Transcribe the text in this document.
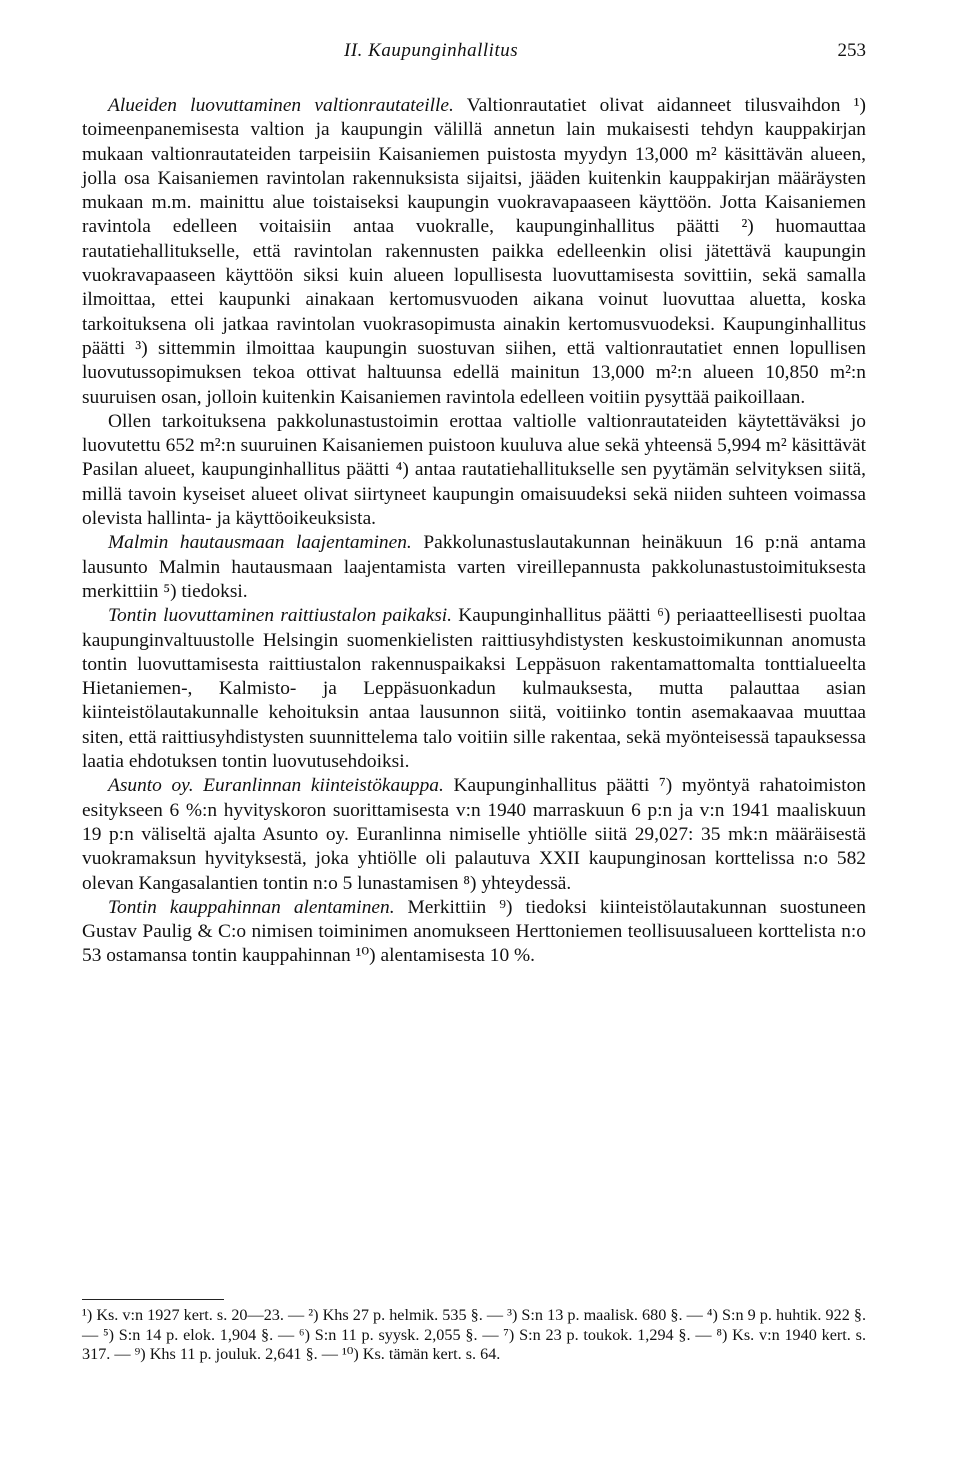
II. Kaupunginhallitus	253

Alueiden luovuttaminen valtionrautateille. Valtionrautatiet olivat aidanneet tilusvaihdon ¹) toimeenpanemisesta valtion ja kaupungin välillä annetun lain mukaisesti tehdyn kauppakirjan mukaan valtionrautateiden tarpeisiin Kaisaniemen puistosta myydyn 13,000 m² käsittävän alueen, jolla osa Kaisaniemen ravintolan rakennuksista sijaitsi, jääden kuitenkin kauppakirjan määräysten mukaan m.m. mainittu alue toistaiseksi kaupungin vuokravapaaseen käyttöön. Jotta Kaisaniemen ravintola edelleen voitaisiin antaa vuokralle, kaupunginhallitus päätti ²) huomauttaa rautatiehallitukselle, että ravintolan rakennusten paikka edelleenkin olisi jätettävä kaupungin vuokravapaaseen käyttöön siksi kuin alueen lopullisesta luovuttamisesta sovittiin, sekä samalla ilmoittaa, ettei kaupunki ainakaan kertomusvuoden aikana voinut luovuttaa aluetta, koska tarkoituksena oli jatkaa ravintolan vuokrasopimusta ainakin kertomusvuodeksi. Kaupunginhallitus päätti ³) sittemmin ilmoittaa kaupungin suostuvan siihen, että valtionrautatiet ennen lopullisen luovutussopimuksen tekoa ottivat haltuunsa edellä mainitun 13,000 m²:n alueen 10,850 m²:n suuruisen osan, jolloin kuitenkin Kaisaniemen ravintola edelleen voitiin pysyttää paikoillaan.

Ollen tarkoituksena pakkolunastustoimin erottaa valtiolle valtionrautateiden käytettäväksi jo luovutettu 652 m²:n suuruinen Kaisaniemen puistoon kuuluva alue sekä yhteensä 5,994 m² käsittävät Pasilan alueet, kaupunginhallitus päätti ⁴) antaa rautatiehallitukselle sen pyytämän selvityksen siitä, millä tavoin kyseiset alueet olivat siirtyneet kaupungin omaisuudeksi sekä niiden suhteen voimassa olevista hallinta- ja käyttöoikeuksista.

Malmin hautausmaan laajentaminen. Pakkolunastuslautakunnan heinäkuun 16 p:nä antama lausunto Malmin hautausmaan laajentamista varten vireillepannusta pakkolunastustoimituksesta merkittiin ⁵) tiedoksi.

Tontin luovuttaminen raittiustalon paikaksi. Kaupunginhallitus päätti ⁶) periaatteellisesti puoltaa kaupunginvaltuustolle Helsingin suomenkielisten raittiusyhdistysten keskustoimikunnan anomusta tontin luovuttamisesta raittiustalon rakennuspaikaksi Leppäsuon rakentamattomalta tonttialueelta Hietaniemen-, Kalmisto- ja Leppäsuonkadun kulmauksesta, mutta palauttaa asian kiinteistölautakunnalle kehoituksin antaa lausunnon siitä, voitiinko tontin asemakaavaa muuttaa siten, että raittiusyhdistysten suunnittelema talo voitiin sille rakentaa, sekä myönteisessä tapauksessa laatia ehdotuksen tontin luovutusehdoiksi.

Asunto oy. Euranlinnan kiinteistökauppa. Kaupunginhallitus päätti ⁷) myöntyä rahatoimiston esitykseen 6 %:n hyvityskoron suorittamisesta v:n 1940 marraskuun 6 p:n ja v:n 1941 maaliskuun 19 p:n väliseltä ajalta Asunto oy. Euranlinna nimiselle yhtiölle siitä 29,027: 35 mk:n määräisestä vuokramaksun hyvityksestä, joka yhtiölle oli palautuva XXII kaupunginosan korttelissa n:o 582 olevan Kangasalantien tontin n:o 5 lunastamisen ⁸) yhteydessä.

Tontin kauppahinnan alentaminen. Merkittiin ⁹) tiedoksi kiinteistölautakunnan suostuneen Gustav Paulig & C:o nimisen toiminimen anomukseen Herttoniemen teollisuusalueen korttelista n:o 53 ostamansa tontin kauppahinnan ¹⁰) alentamisesta 10 %.

¹) Ks. v:n 1927 kert. s. 20—23. — ²) Khs 27 p. helmik. 535 §. — ³) S:n 13 p. maalisk. 680 §. — ⁴) S:n 9 p. huhtik. 922 §. — ⁵) S:n 14 p. elok. 1,904 §. — ⁶) S:n 11 p. syysk. 2,055 §. — ⁷) S:n 23 p. toukok. 1,294 §. — ⁸) Ks. v:n 1940 kert. s. 317. — ⁹) Khs 11 p. jouluk. 2,641 §. — ¹⁰) Ks. tämän kert. s. 64.
